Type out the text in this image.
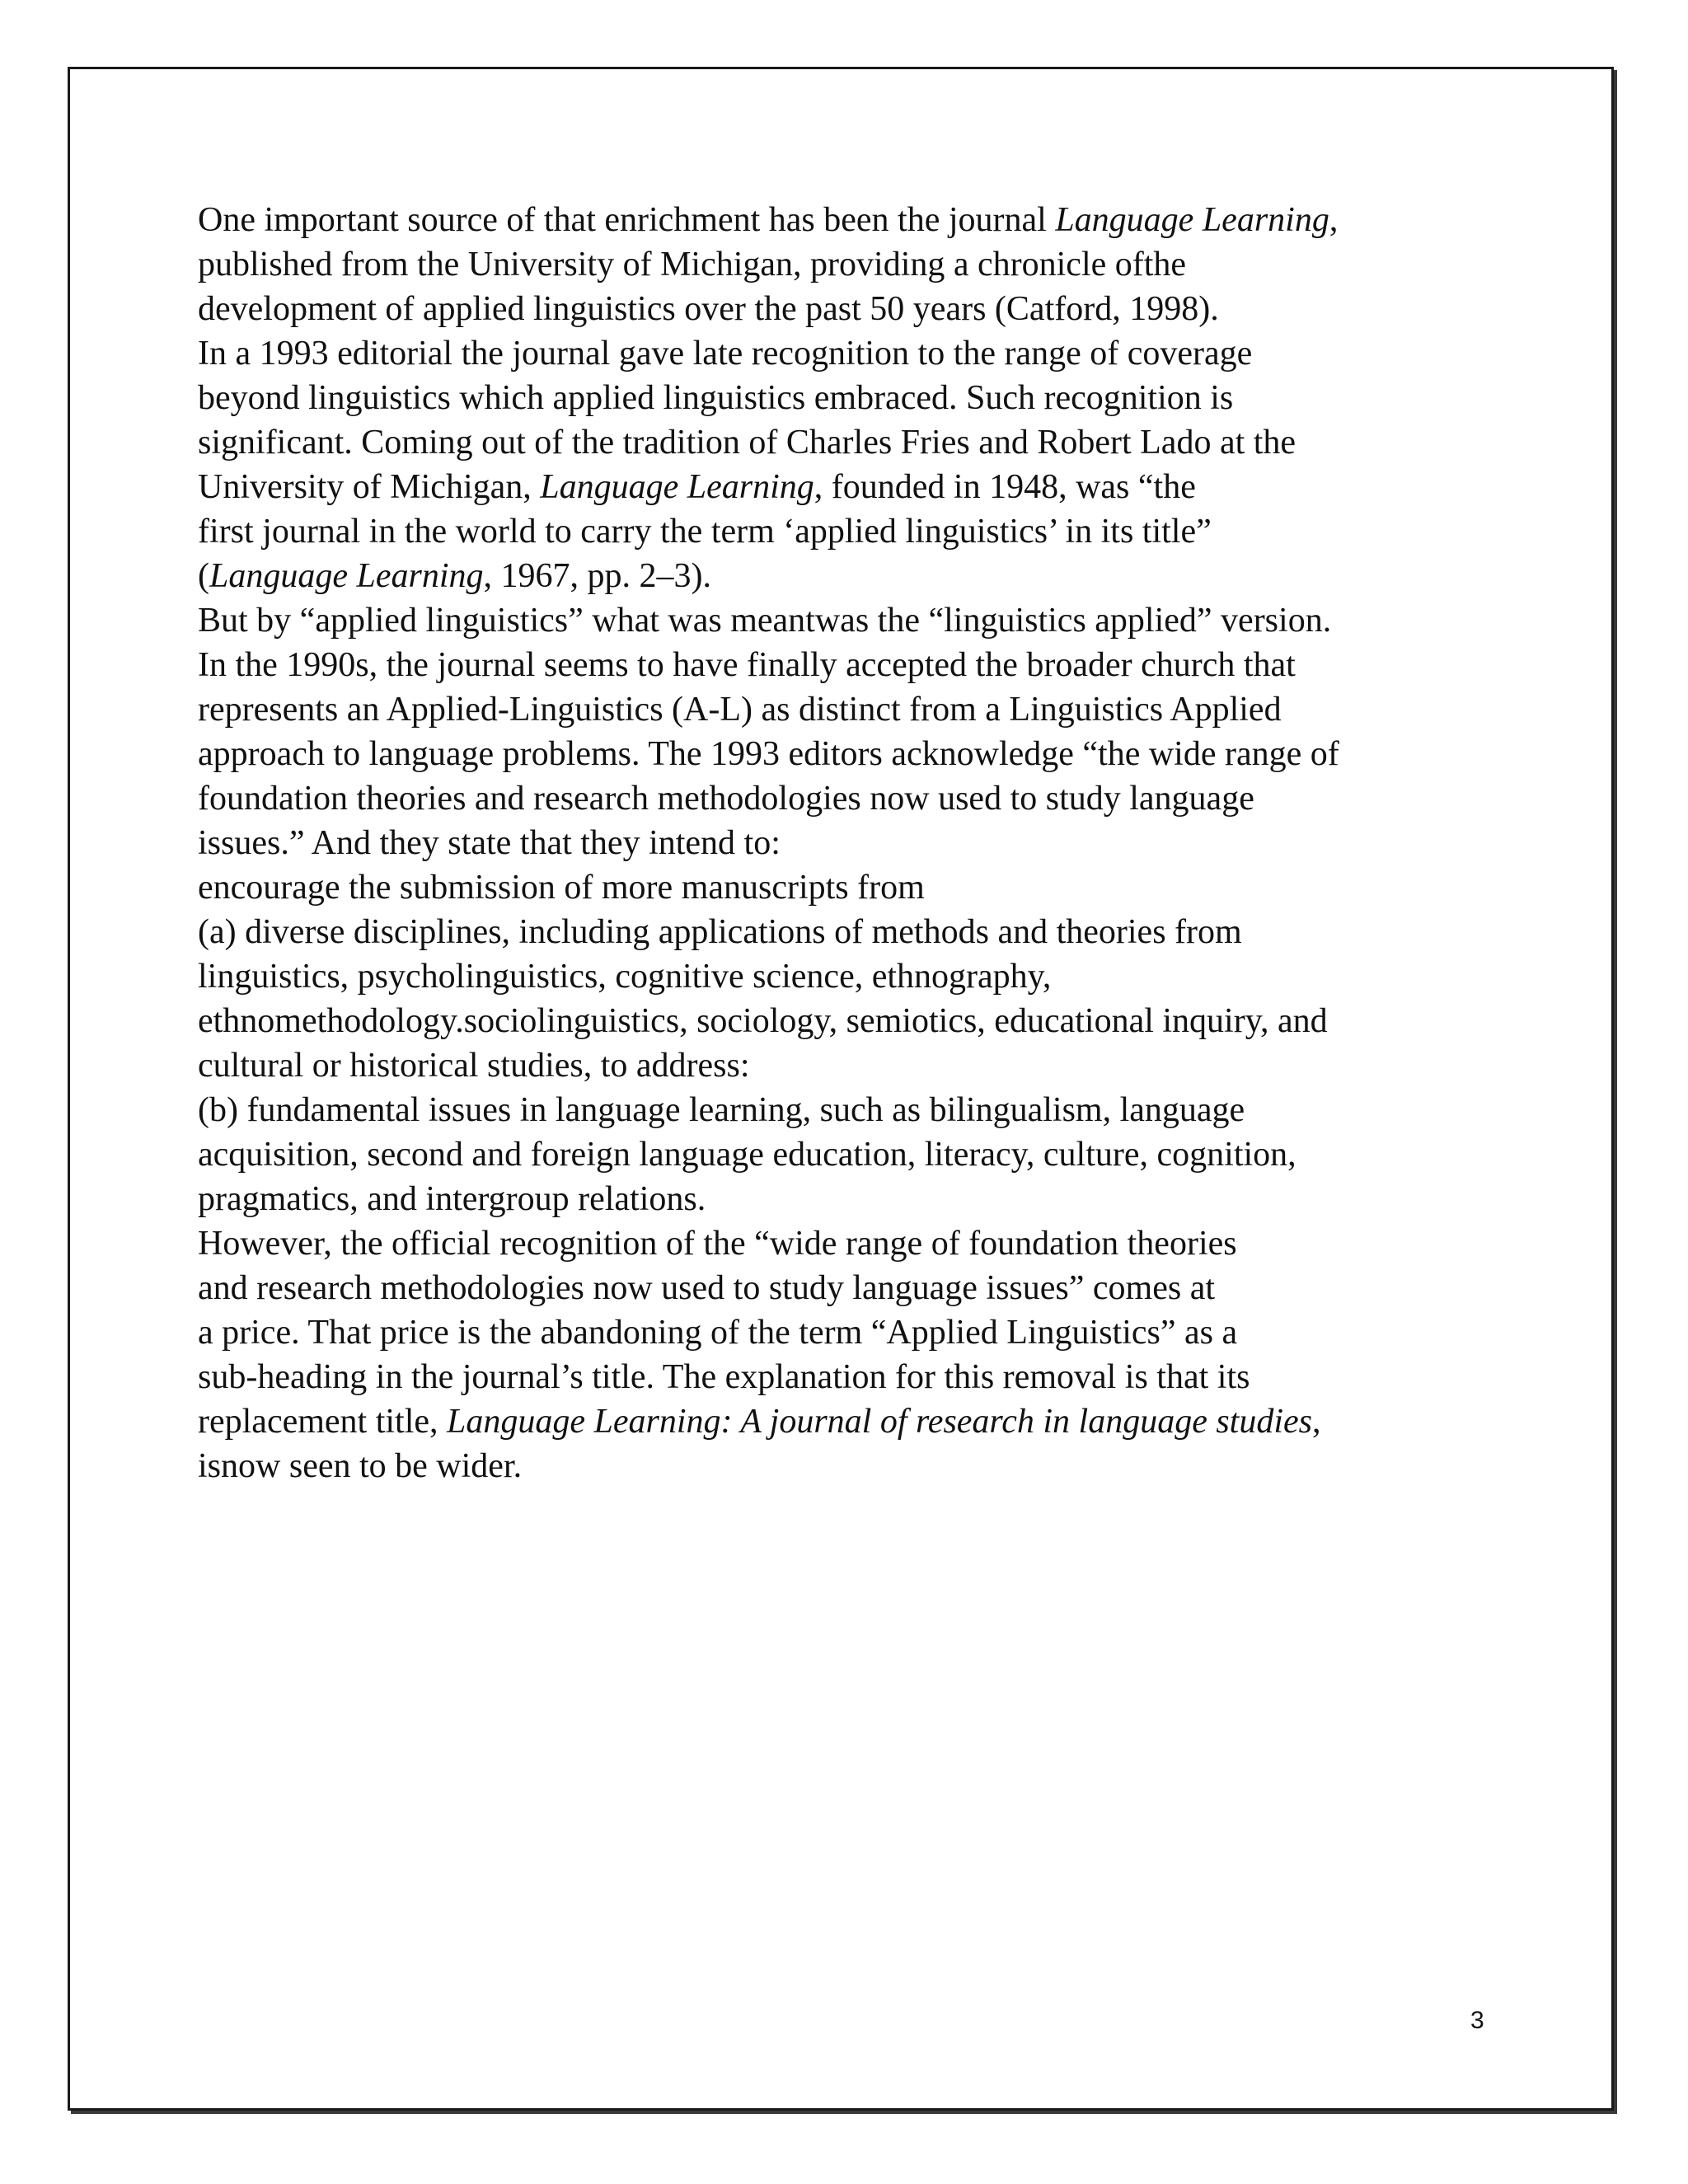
One important source of that enrichment has been the journal Language Learning,
published from the University of Michigan, providing a chronicle ofthe
development of applied linguistics over the past 50 years (Catford, 1998).
In a 1993 editorial the journal gave late recognition to the range of coverage
beyond linguistics which applied linguistics embraced. Such recognition is
significant. Coming out of the tradition of Charles Fries and Robert Lado at the
University of Michigan, Language Learning, founded in 1948, was “the
first journal in the world to carry the term ‘applied linguistics’ in its title”
(Language Learning, 1967, pp. 2–3).
But by “applied linguistics” what was meantwas the “linguistics applied” version.
In the 1990s, the journal seems to have finally accepted the broader church that
represents an Applied-Linguistics (A-L) as distinct from a Linguistics Applied
approach to language problems. The 1993 editors acknowledge “the wide range of
foundation theories and research methodologies now used to study language
issues.” And they state that they intend to:
encourage the submission of more manuscripts from
(a) diverse disciplines, including applications of methods and theories from
linguistics, psycholinguistics, cognitive science, ethnography,
ethnomethodology.sociolinguistics, sociology, semiotics, educational inquiry, and
cultural or historical studies, to address:
(b) fundamental issues in language learning, such as bilingualism, language
acquisition, second and foreign language education, literacy, culture, cognition,
pragmatics, and intergroup relations.
However, the official recognition of the “wide range of foundation theories
and research methodologies now used to study language issues” comes at
a price. That price is the abandoning of the term “Applied Linguistics” as a
sub-heading in the journal’s title. The explanation for this removal is that its
replacement title, Language Learning: A journal of research in language studies,
isnow seen to be wider.
3
